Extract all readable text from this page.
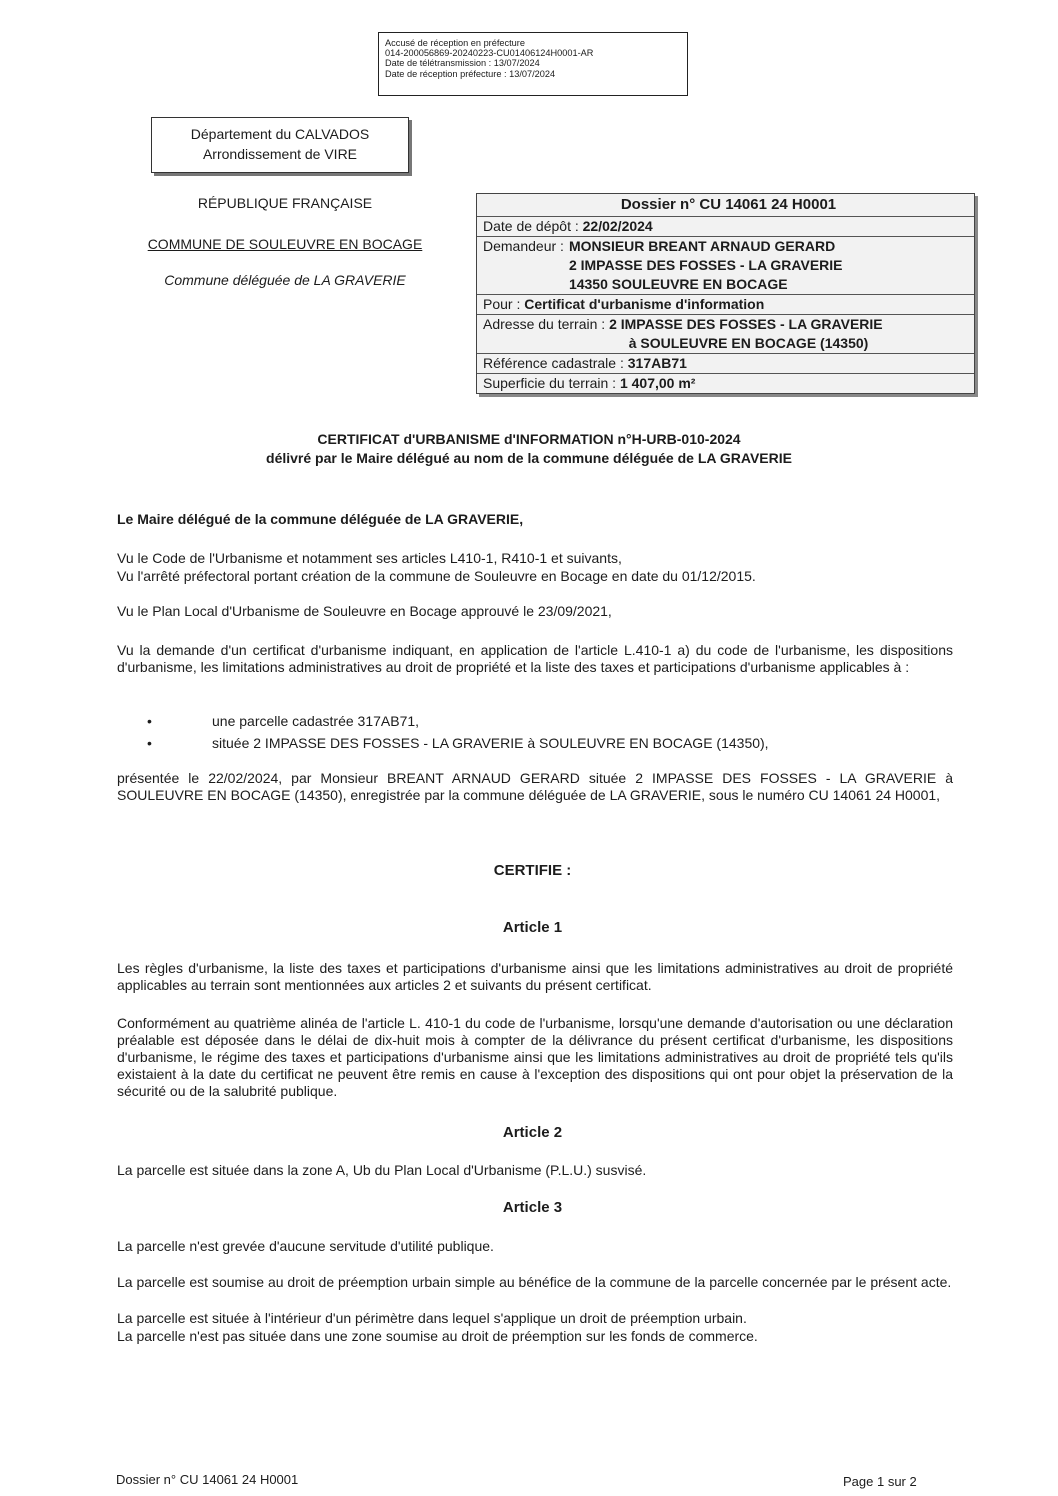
Accusé de réception en préfecture
014-200056869-20240223-CU01406124H0001-AR
Date de télétransmission : 13/07/2024
Date de réception préfecture : 13/07/2024
Département du CALVADOS
Arrondissement de VIRE
RÉPUBLIQUE FRANÇAISE
COMMUNE DE SOULEUVRE EN BOCAGE
Commune déléguée de LA GRAVERIE
Dossier n° CU 14061 24 H0001
Date de dépôt : 22/02/2024
Demandeur : MONSIEUR BREANT ARNAUD GERARD
2 IMPASSE DES FOSSES - LA GRAVERIE
14350 SOULEUVRE EN BOCAGE
Pour : Certificat d'urbanisme d'information
Adresse du terrain : 2 IMPASSE DES FOSSES - LA GRAVERIE
à SOULEUVRE EN BOCAGE (14350)
Référence cadastrale : 317AB71
Superficie du terrain : 1 407,00 m²
CERTIFICAT d'URBANISME d'INFORMATION n°H-URB-010-2024
délivré par le Maire délégué au nom de la commune déléguée de LA GRAVERIE
Le Maire délégué de la commune déléguée de LA GRAVERIE,
Vu le Code de l'Urbanisme et notamment ses articles L410-1, R410-1 et suivants,
Vu l'arrêté préfectoral portant création de la commune de Souleuvre en Bocage en date du 01/12/2015.
Vu le Plan Local d'Urbanisme de Souleuvre en Bocage approuvé le 23/09/2021,
Vu la demande d'un certificat d'urbanisme indiquant, en application de l'article L.410-1 a) du code de l'urbanisme, les dispositions d'urbanisme, les limitations administratives au droit de propriété et la liste des taxes et participations d'urbanisme applicables à :
•	une parcelle cadastrée 317AB71,
•	située 2 IMPASSE DES FOSSES - LA GRAVERIE à SOULEUVRE EN BOCAGE (14350),
présentée le 22/02/2024, par Monsieur BREANT ARNAUD GERARD située 2 IMPASSE DES FOSSES - LA GRAVERIE à SOULEUVRE EN BOCAGE (14350), enregistrée par la commune déléguée de LA GRAVERIE, sous le numéro CU 14061 24 H0001,
CERTIFIE :
Article 1
Les règles d'urbanisme, la liste des taxes et participations d'urbanisme ainsi que les limitations administratives au droit de propriété applicables au terrain sont mentionnées aux articles 2 et suivants du présent certificat.
Conformément au quatrième alinéa de l'article L. 410-1 du code de l'urbanisme, lorsqu'une demande d'autorisation ou une déclaration préalable est déposée dans le délai de dix-huit mois à compter de la délivrance du présent certificat d'urbanisme, les dispositions d'urbanisme, le régime des taxes et participations d'urbanisme ainsi que les limitations administratives au droit de propriété tels qu'ils existaient à la date du certificat ne peuvent être remis en cause à l'exception des dispositions qui ont pour objet la préservation de la sécurité ou de la salubrité publique.
Article 2
La parcelle est située dans la zone A, Ub du Plan Local d'Urbanisme (P.L.U.) susvisé.
Article 3
La parcelle n'est grevée d'aucune servitude d'utilité publique.
La parcelle est soumise au droit de préemption urbain simple au bénéfice de la commune de la parcelle concernée par le présent acte.
La parcelle est située à l'intérieur d'un périmètre dans lequel s'applique un droit de préemption urbain.
La parcelle n'est pas située dans une zone soumise au droit de préemption sur les fonds de commerce.
Dossier n° CU 14061 24 H0001	Page 1 sur 2
